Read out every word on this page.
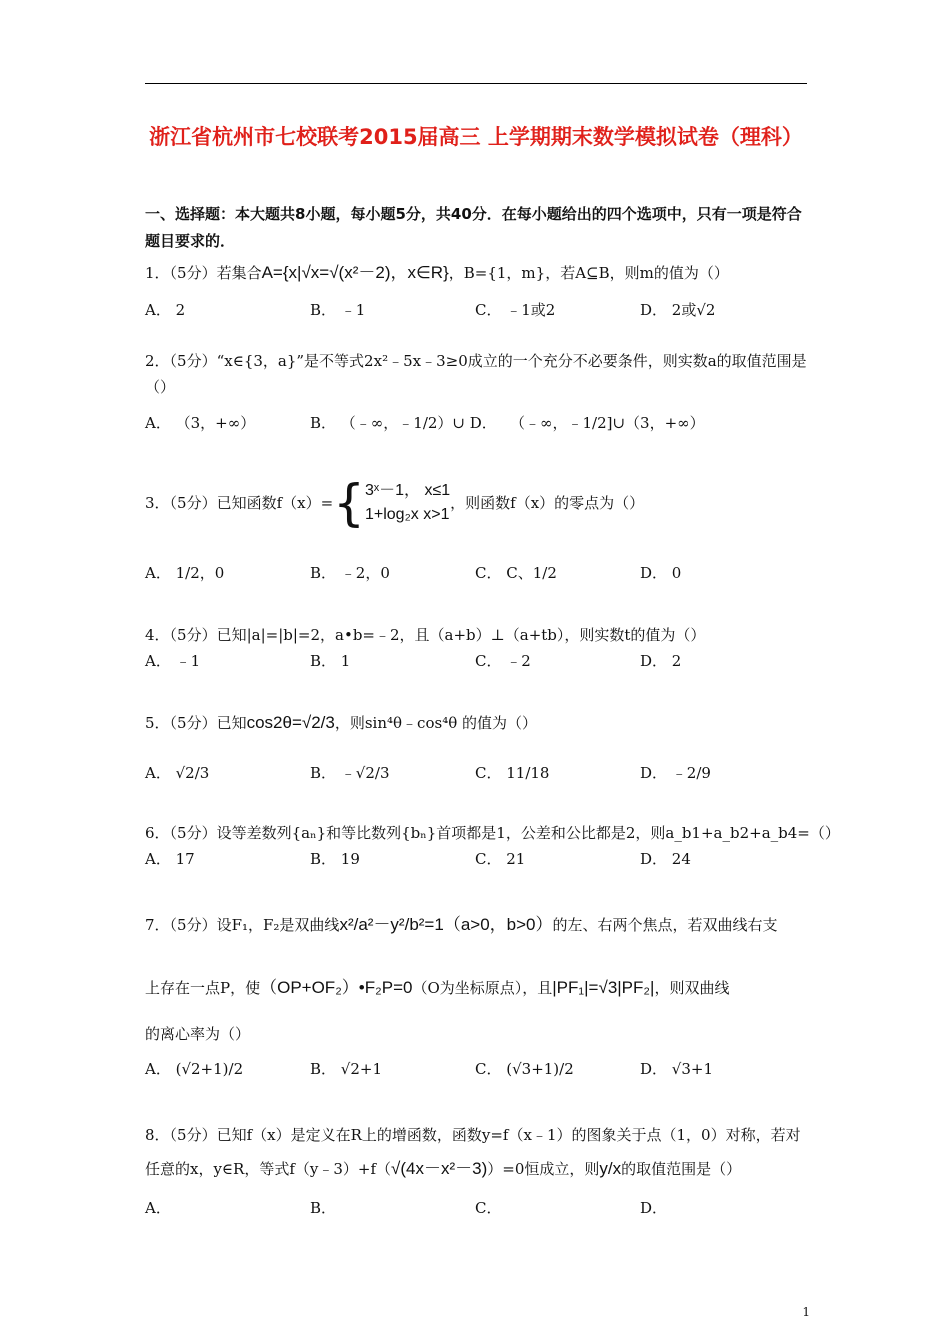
浙江省杭州市七校联考2015届高三 上学期期末数学模拟试卷（理科）
一、选择题：本大题共8小题，每小题5分，共40分．在每小题给出的四个选项中，只有一项是符合题目要求的．
1．（5分）若集合A={x|√x=√(x²－2)，x∈R}，B={1，m}，若A⊆B，则m的值为（）
A． 2	B． ﹣1	C． ﹣1或2	D． 2或√2
2．（5分）“x∈{3，a}”是不等式2x²﹣5x﹣3≥0成立的一个充分不必要条件，则实数a的取值范围是（）
A． （3，+∞）	B． （﹣∞，﹣1/2）∪ D． （﹣∞，﹣1/2]∪（3，+∞）
3．（5分）已知函数f（x）= { 3ˣ－1， x≤1
1+log₂x x>1
，则函数f（x）的零点为（）
A． 1/2，0	B． ﹣2，0	C． C、1/2	D． 0
4．（5分）已知|a|=|b|=2，a•b=﹣2，且（a+b）⊥（a+tb），则实数t的值为（）
A． ﹣1	B． 1	C． ﹣2	D． 2
5．（5分）已知cos2θ=√2/3，则sin⁴θ﹣cos⁴θ 的值为（）
A． √2/3	B． ﹣√2/3	C． 11/18	D． ﹣2/9
6．（5分）设等差数列{aₙ}和等比数列{bₙ}首项都是1，公差和公比都是2，则a_b1+a_b2+a_b4=（）
A． 17	B． 19	C． 21	D． 24
7．（5分）设F₁，F₂是双曲线x²/a²－y²/b²=1（a>0，b>0）的左、右两个焦点，若双曲线右支
上存在一点P，使（OP+OF₂）•F₂P=0（O为坐标原点），且|PF₁|=√3|PF₂|，则双曲线
的离心率为（）
A． (√2+1)/2	B． √2+1	C． (√3+1)/2	D． √3+1
8．（5分）已知f（x）是定义在R上的增函数，函数y=f（x﹣1）的图象关于点（1，0）对称，若对
任意的x，y∈R，等式f（y﹣3）+f（√(4x－x²－3)）=0恒成立，则y/x的取值范围是（）
A．	B．	C．	D．
1
